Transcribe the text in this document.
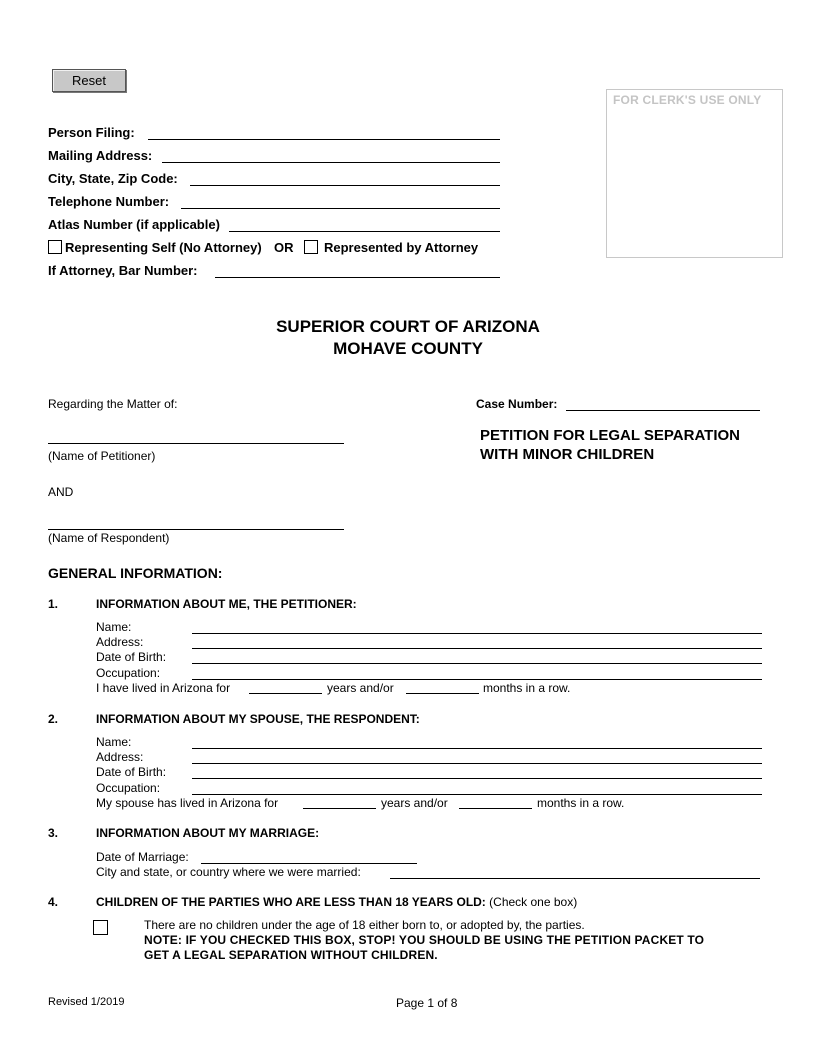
Reset
FOR CLERK'S USE ONLY
Person Filing:
Mailing Address:
City, State, Zip Code:
Telephone Number:
Atlas Number (if applicable)
Representing Self (No Attorney) OR Represented by Attorney
If Attorney, Bar Number:
SUPERIOR COURT OF ARIZONA
MOHAVE COUNTY
Regarding the Matter of:	Case Number:
(Name of Petitioner)
PETITION FOR LEGAL SEPARATION
WITH MINOR CHILDREN
AND
(Name of Respondent)
GENERAL INFORMATION:
1.	INFORMATION ABOUT ME, THE PETITIONER:
Name:
Address:
Date of Birth:
Occupation:
I have lived in Arizona for	years and/or	months in a row.
2.	INFORMATION ABOUT MY SPOUSE, THE RESPONDENT:
Name:
Address:
Date of Birth:
Occupation:
My spouse has lived in Arizona for	years and/or	months in a row.
3.	INFORMATION ABOUT MY MARRIAGE:
Date of Marriage:
City and state, or country where we were married:
4.	CHILDREN OF THE PARTIES WHO ARE LESS THAN 18 YEARS OLD: (Check one box)
There are no children under the age of 18 either born to, or adopted by, the parties.
NOTE: IF YOU CHECKED THIS BOX, STOP! YOU SHOULD BE USING THE PETITION PACKET TO
GET A LEGAL SEPARATION WITHOUT CHILDREN.
Revised 1/2019	Page 1 of 8
